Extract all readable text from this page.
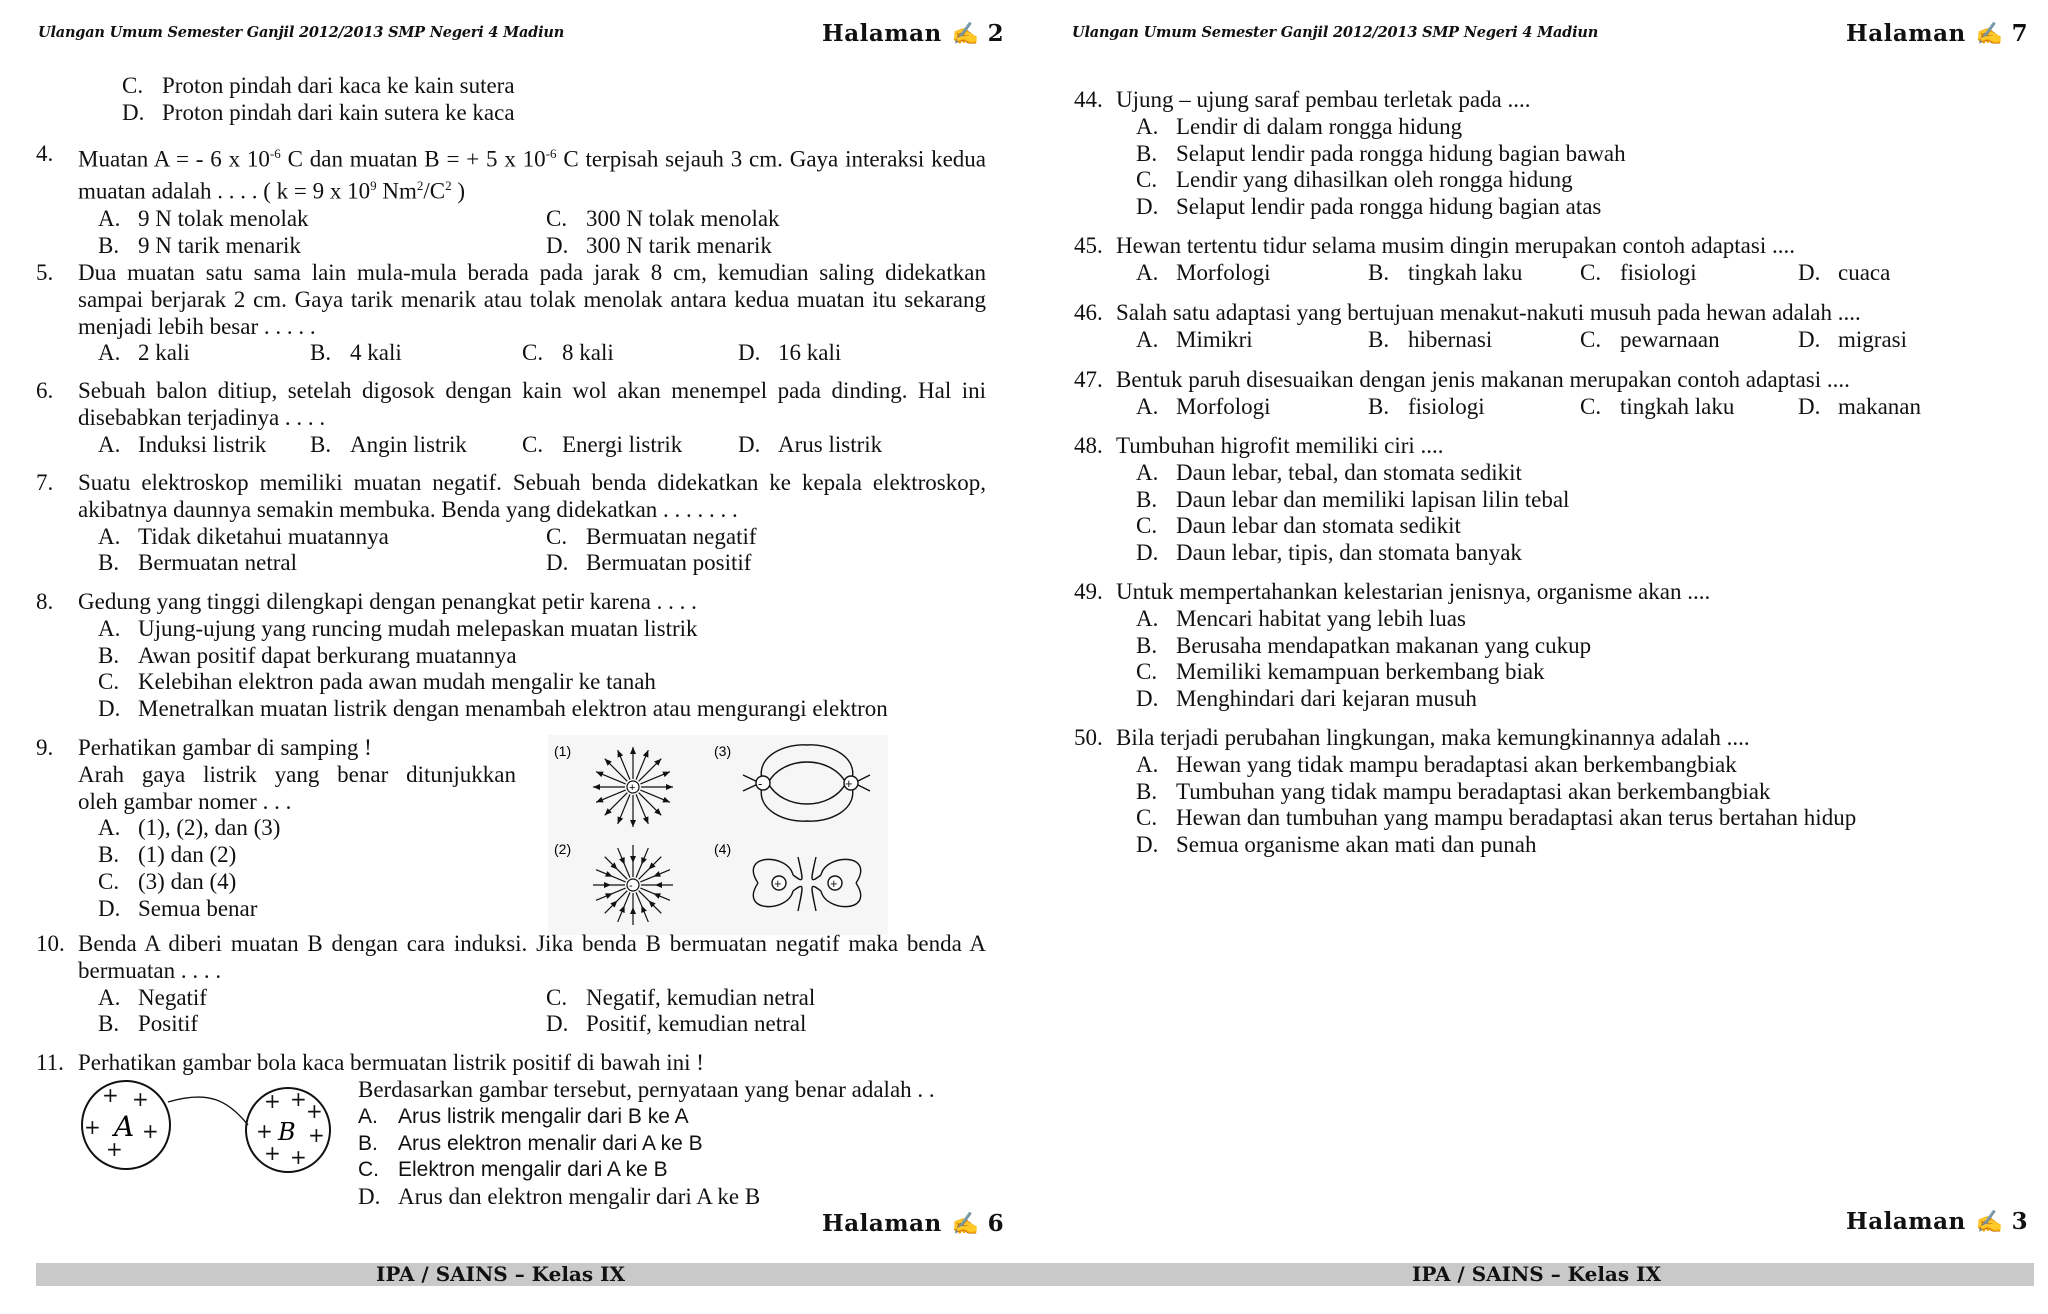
Ulangan Umum Semester Ganjil 2012/2013 SMP Negeri 4 Madiun	Halaman ✍ 2
C. Proton pindah dari kaca ke kain sutera
D. Proton pindah dari kain sutera ke kaca
4.	Muatan A = - 6 x $10^{-6}$ C dan muatan B = + 5 x $10^{-6}$ C terpisah sejauh 3 cm. Gaya interaksi kedua muatan adalah . . . . ( k = 9 x $10^9$ $Nm^2/C^2$ )
A. 9 N tolak menolak	C. 300 N tolak menolak
B. 9 N tarik menarik	D. 300 N tarik menarik
5.	Dua muatan satu sama lain mula-mula berada pada jarak 8 cm, kemudian saling didekatkan sampai berjarak 2 cm. Gaya tarik menarik atau tolak menolak antara kedua muatan itu sekarang menjadi lebih besar . . . . .
A. 2 kali	B. 4 kali	C. 8 kali	D. 16 kali
6.	Sebuah balon ditiup, setelah digosok dengan kain wol akan menempel pada dinding. Hal ini disebabkan terjadinya . . . .
A. Induksi listrik B. Angin listrik C. Energi listrik D. Arus listrik
7.	Suatu elektroskop memiliki muatan negatif. Sebuah benda didekatkan ke kepala elektroskop, akibatnya daunnya semakin membuka. Benda yang didekatkan . . . . . . .
A. Tidak diketahui muatannya	C. Bermuatan negatif
B. Bermuatan netral	D. Bermuatan positif
8.	Gedung yang tinggi dilengkapi dengan penangkat petir karena . . . .
A. Ujung-ujung yang runcing mudah melepaskan muatan listrik
B. Awan positif dapat berkurang muatannya
C. Kelebihan elektron pada awan mudah mengalir ke tanah
D. Menetralkan muatan listrik dengan menambah elektron atau mengurangi elektron
9.	Perhatikan gambar di samping !
Arah gaya listrik yang benar ditunjukkan
oleh gambar nomer . . .
A. (1), (2), dan (3)
B. (1) dan (2)
C. (3) dan (4)
D. Semua benar
(1)	(3)
(2)	(4)
+
-
-	+
+	+
10. Benda A diberi muatan B dengan cara induksi. Jika benda B bermuatan negatif maka benda A bermuatan . . . .
A. Negatif	C. Negatif, kemudian netral
B. Positif	D. Positif, kemudian netral
11. Perhatikan gambar bola kaca bermuatan listrik positif di bawah ini !
Berdasarkan gambar tersebut, pernyataan yang benar adalah . .
A. Arus listrik mengalir dari B ke A
B. Arus elektron menalir dari A ke B
C. Elektron mengalir dari A ke B
D. Arus dan elektron mengalir dari A ke B
A	B
+ +
+ +
+
+ + +
+ +
+ +
Halaman ✍ 6
Ulangan Umum Semester Ganjil 2012/2013 SMP Negeri 4 Madiun	Halaman ✍ 7
44. Ujung – ujung saraf pembau terletak pada ....
A. Lendir di dalam rongga hidung
B. Selaput lendir pada rongga hidung bagian bawah
C. Lendir yang dihasilkan oleh rongga hidung
D. Selaput lendir pada rongga hidung bagian atas
45. Hewan tertentu tidur selama musim dingin merupakan contoh adaptasi ....
A. Morfologi	B. tingkah laku	C. fisiologi	D. cuaca
46. Salah satu adaptasi yang bertujuan menakut-nakuti musuh pada hewan adalah ....
A. Mimikri	B. hibernasi	C. pewarnaan	D. migrasi
47. Bentuk paruh disesuaikan dengan jenis makanan merupakan contoh adaptasi ....
A. Morfologi	B. fisiologi	C. tingkah laku	D. makanan
48. Tumbuhan higrofit memiliki ciri ....
A. Daun lebar, tebal, dan stomata sedikit
B. Daun lebar dan memiliki lapisan lilin tebal
C. Daun lebar dan stomata sedikit
D. Daun lebar, tipis, dan stomata banyak
49. Untuk mempertahankan kelestarian jenisnya, organisme akan ....
A. Mencari habitat yang lebih luas
B. Berusaha mendapatkan makanan yang cukup
C. Memiliki kemampuan berkembang biak
D. Menghindari dari kejaran musuh
50. Bila terjadi perubahan lingkungan, maka kemungkinannya adalah ....
A. Hewan yang tidak mampu beradaptasi akan berkembangbiak
B. Tumbuhan yang tidak mampu beradaptasi akan berkembangbiak
C. Hewan dan tumbuhan yang mampu beradaptasi akan terus bertahan hidup
D. Semua organisme akan mati dan punah
Halaman ✍ 3
IPA / SAINS – Kelas IX	IPA / SAINS – Kelas IX
